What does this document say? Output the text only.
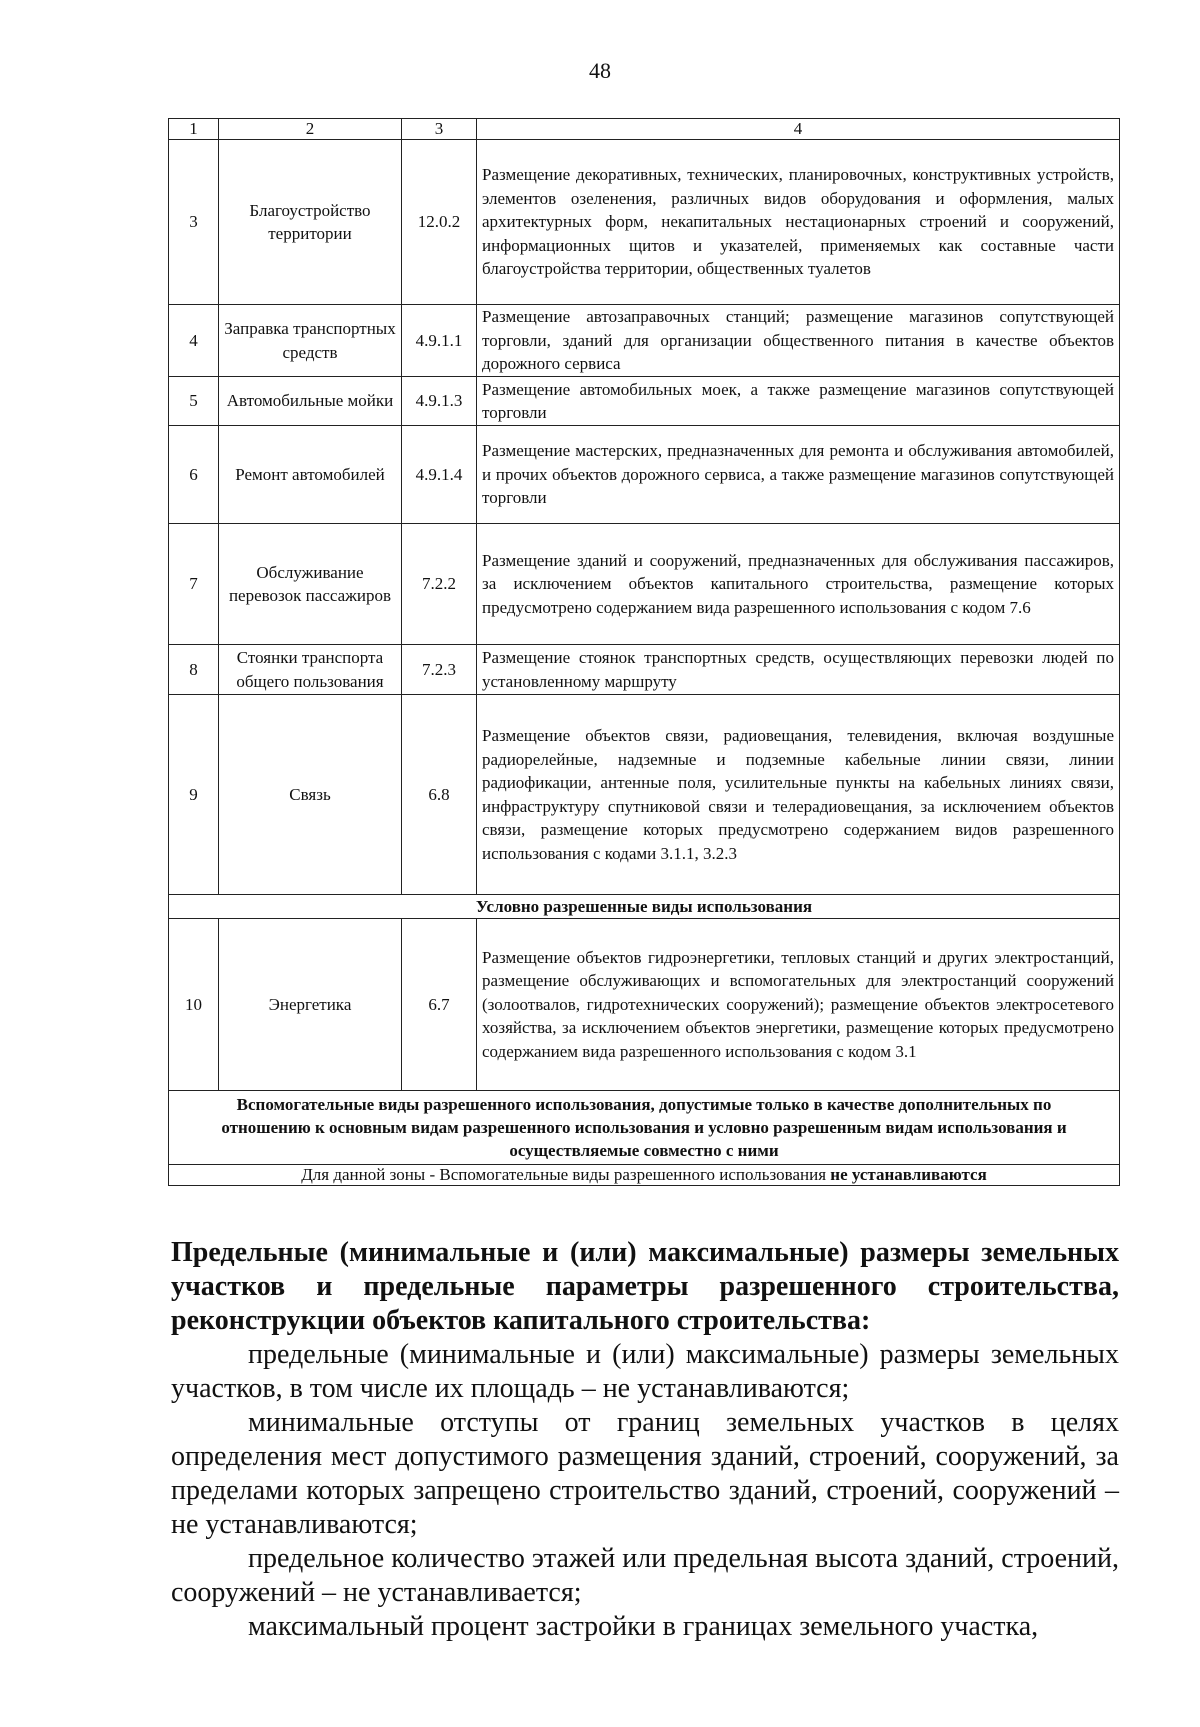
48
1	2	3	4
3	Благоустройство территории	12.0.2	Размещение декоративных, технических, планировочных, конструктивных устройств, элементов озеленения, различных видов оборудования и оформления, малых архитектурных форм, некапитальных нестационарных строений и сооружений, информационных щитов и указателей, применяемых как составные части благоустройства территории, общественных туалетов
4	Заправка транспортных средств	4.9.1.1	Размещение автозаправочных станций; размещение магазинов сопутствующей торговли, зданий для организации общественного питания в качестве объектов дорожного сервиса
5	Автомобильные мойки	4.9.1.3	Размещение автомобильных моек, а также размещение магазинов сопутствующей торговли
6	Ремонт автомобилей	4.9.1.4	Размещение мастерских, предназначенных для ремонта и обслуживания автомобилей, и прочих объектов дорожного сервиса, а также размещение магазинов сопутствующей торговли
7	Обслуживание перевозок пассажиров	7.2.2	Размещение зданий и сооружений, предназначенных для обслуживания пассажиров, за исключением объектов капитального строительства, размещение которых предусмотрено содержанием вида разрешенного использования с кодом 7.6
8	Стоянки транспорта общего пользования	7.2.3	Размещение стоянок транспортных средств, осуществляющих перевозки людей по установленному маршруту
9	Связь	6.8	Размещение объектов связи, радиовещания, телевидения, включая воздушные радиорелейные, надземные и подземные кабельные линии связи, линии радиофикации, антенные поля, усилительные пункты на кабельных линиях связи, инфраструктуру спутниковой связи и телерадиовещания, за исключением объектов связи, размещение которых предусмотрено содержанием видов разрешенного использования с кодами 3.1.1, 3.2.3
Условно разрешенные виды использования			
10	Энергетика	6.7	Размещение объектов гидроэнергетики, тепловых станций и других электростанций, размещение обслуживающих и вспомогательных для электростанций сооружений (золоотвалов, гидротехнических сооружений); размещение объектов электросетевого хозяйства, за исключением объектов энергетики, размещение которых предусмотрено содержанием вида разрешенного использования с кодом 3.1
Вспомогательные виды разрешенного использования, допустимые только в качестве дополнительных по отношению к основным видам разрешенного использования и условно разрешенным видам использования и осуществляемые совместно с ними			
Для данной зоны - Вспомогательные виды разрешенного использования не устанавливаются			

Предельные (минимальные и (или) максимальные) размеры земельных участков и предельные параметры разрешенного строительства, реконструкции объектов капитального строительства:

предельные (минимальные и (или) максимальные) размеры земельных участков, в том числе их площадь – не устанавливаются;

минимальные отступы от границ земельных участков в целях определения мест допустимого размещения зданий, строений, сооружений, за пределами которых запрещено строительство зданий, строений, сооружений – не устанавливаются;

предельное количество этажей или предельная высота зданий, строений, сооружений – не устанавливается;

максимальный процент застройки в границах земельного участка,
